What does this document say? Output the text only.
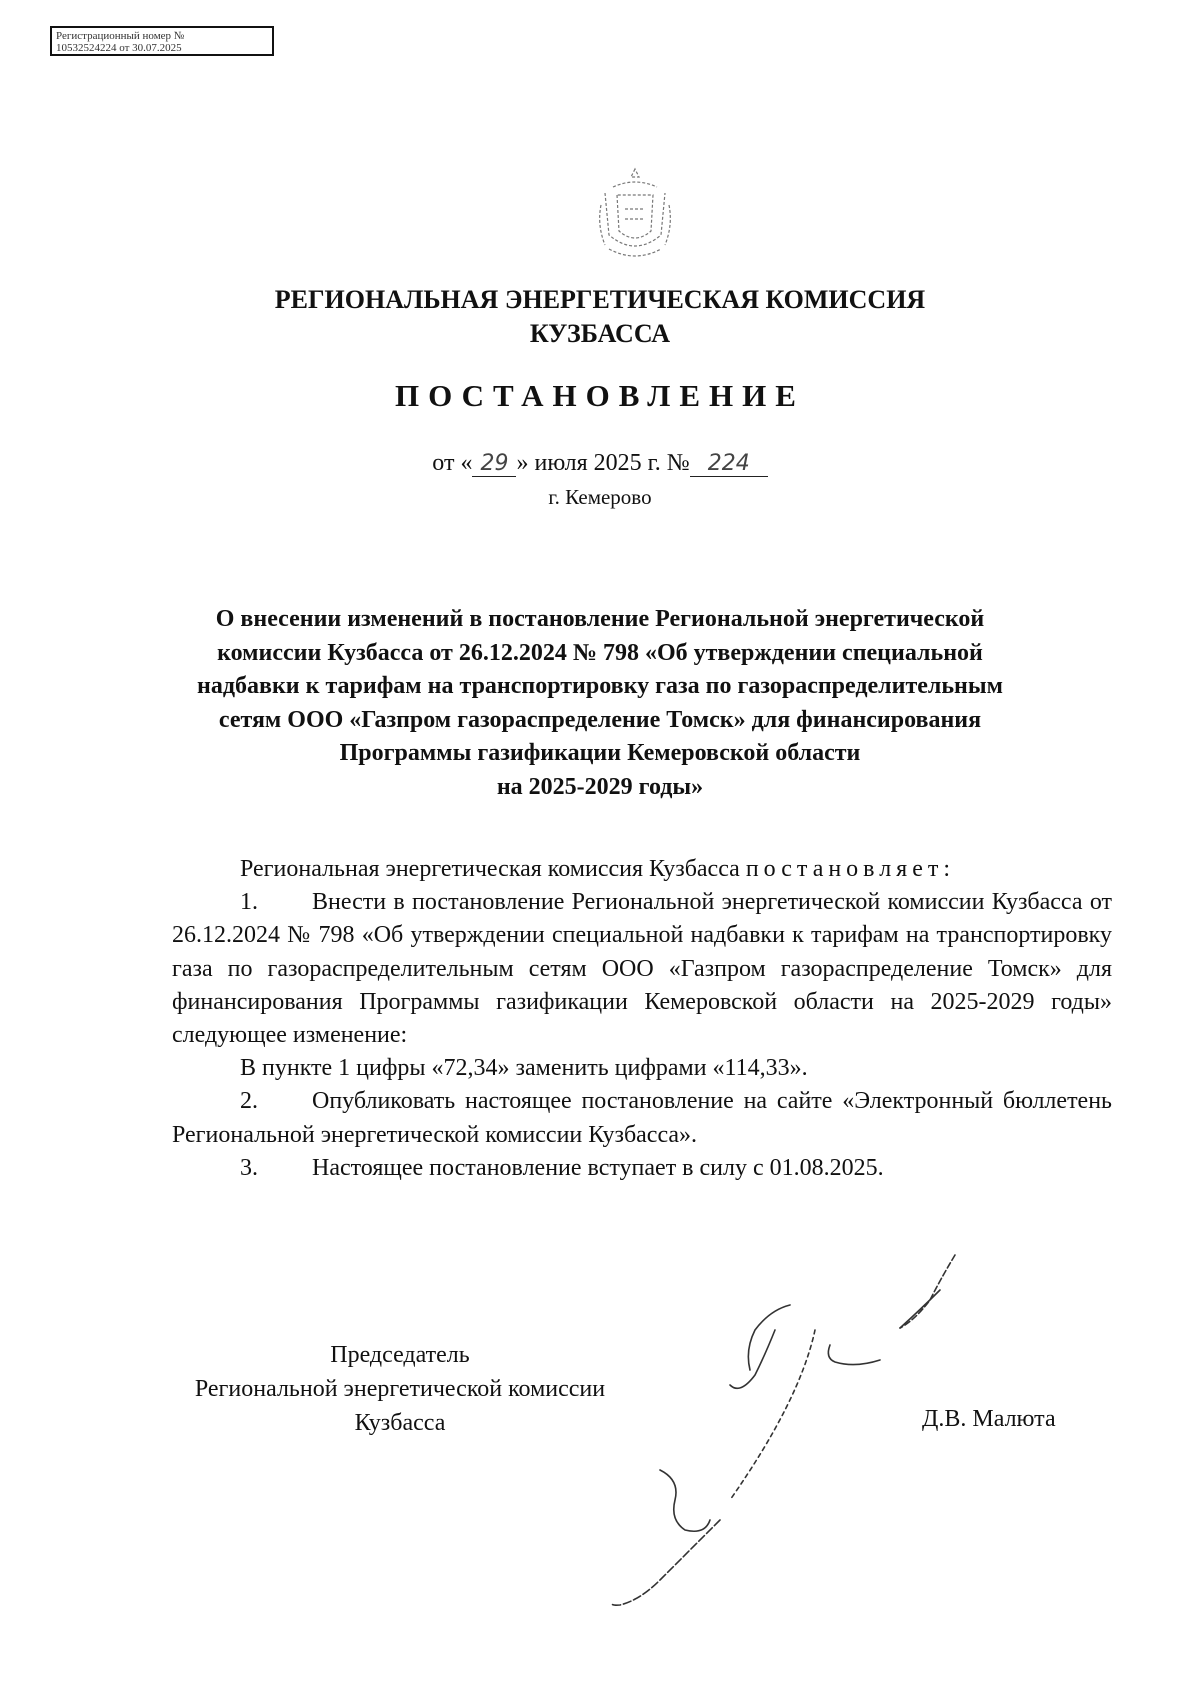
Регистрационный номер №
10532524224 от 30.07.2025
РЕГИОНАЛЬНАЯ ЭНЕРГЕТИЧЕСКАЯ КОМИССИЯ
КУЗБАССА
ПОСТАНОВЛЕНИЕ
от « 29 » июля 2025 г. № 224
г. Кемерово
О внесении изменений в постановление Региональной энергетической
комиссии Кузбасса от 26.12.2024 № 798 «Об утверждении специальной
надбавки к тарифам на транспортировку газа по газораспределительным
сетям ООО «Газпром газораспределение Томск» для финансирования
Программы газификации Кемеровской области
на 2025-2029 годы»

Региональная энергетическая комиссия Кузбасса постановляет:

1. Внести в постановление Региональной энергетической комиссии Кузбасса от 26.12.2024 № 798 «Об утверждении специальной надбавки к тарифам на транспортировку газа по газораспределительным сетям ООО «Газпром газораспределение Томск» для финансирования Программы газификации Кемеровской области на 2025-2029 годы» следующее изменение:

В пункте 1 цифры «72,34» заменить цифрами «114,33».

2. Опубликовать настоящее постановление на сайте «Электронный бюллетень Региональной энергетической комиссии Кузбасса».

3. Настоящее постановление вступает в силу с 01.08.2025.

Председатель
Региональной энергетической комиссии
Кузбасса	Д.В. Малюта
